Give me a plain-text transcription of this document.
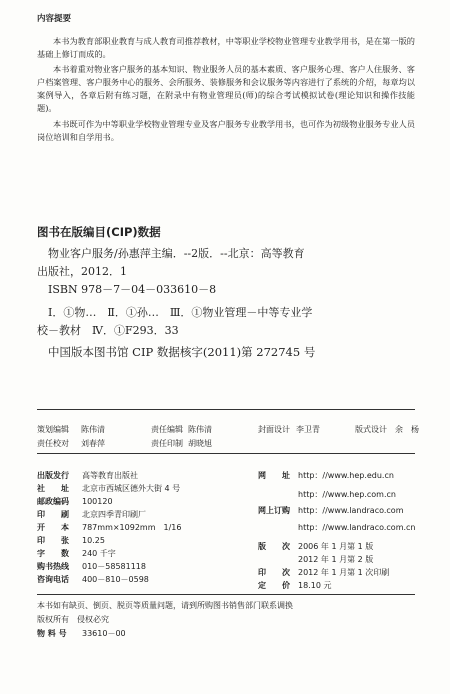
内容提要
本书为教育部职业教育与成人教育司推荐教材，中等职业学校物业管理专业教学用书，是在第一版的基础上修订而成的。
本书着重对物业客户服务的基本知识、物业服务人员的基本素质、客户服务心理、客户人住服务、客户档案管理、客户服务中心的服务、会所服务、装修服务和会议服务等内容进行了系统的介绍，每章均以案例导入，各章后附有练习题，在附录中有物业管理员(师)的综合考试模拟试卷(理论知识和操作技能题)。
本书既可作为中等职业学校物业管理专业及客户服务专业教学用书，也可作为初级物业服务专业人员岗位培训和自学用书。
图书在版编目(CIP)数据
物业客户服务/孙惠萍主编．--2版．--北京：高等教育
出版社，2012．1
ISBN 978－7－04－033610－8
Ⅰ．①物…　Ⅱ．①孙…　Ⅲ．①物业管理－中等专业学
校－教材　Ⅳ．①F293．33
中国版本图书馆 CIP 数据核字(2011)第 272745 号
策划编辑 陈伟清	责任编辑 陈伟清	封面设计 李卫青	版式设计 余　杨
责任校对 刘春萍	责任印制 胡晓旭
出版发行 高等教育出版社
社　　址 北京市西城区德外大街 4 号
邮政编码 100120
印　　刷 北京四季青印刷厂
开　　本 787mm×1092mm　1/16
印　　张 10.25
字　　数 240 千字
购书热线 010－58581118
咨询电话 400－810－0598
网　　址 http：//www.hep.edu.cn
http：//www.hep.com.cn
网上订购 http：//www.landraco.com
http：//www.landraco.com.cn
版　　次 2006 年 1 月第 1 版
2012 年 1 月第 2 版
印　　次 2012 年 1 月第 1 次印刷
定　　价 18.10 元
本书如有缺页、倒页、脱页等质量问题，请到所购图书销售部门联系调换
版权所有　侵权必究
物 料 号 33610－00
